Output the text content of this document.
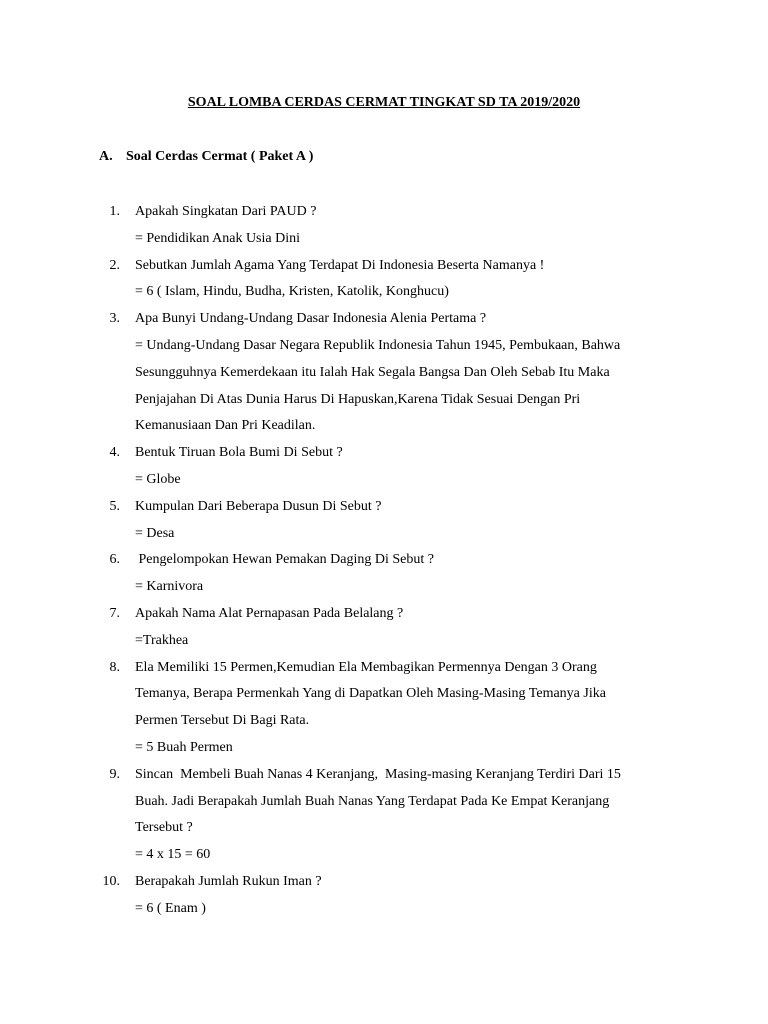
SOAL LOMBA CERDAS CERMAT TINGKAT SD TA 2019/2020
A. Soal Cerdas Cermat ( Paket A )
1. Apakah Singkatan Dari PAUD ?
= Pendidikan Anak Usia Dini
2. Sebutkan Jumlah Agama Yang Terdapat Di Indonesia Beserta Namanya !
= 6 ( Islam, Hindu, Budha, Kristen, Katolik, Konghucu)
3. Apa Bunyi Undang-Undang Dasar Indonesia Alenia Pertama ?
= Undang-Undang Dasar Negara Republik Indonesia Tahun 1945, Pembukaan, Bahwa
Sesungguhnya Kemerdekaan itu Ialah Hak Segala Bangsa Dan Oleh Sebab Itu Maka
Penjajahan Di Atas Dunia Harus Di Hapuskan,Karena Tidak Sesuai Dengan Pri
Kemanusiaan Dan Pri Keadilan.
4. Bentuk Tiruan Bola Bumi Di Sebut ?
= Globe
5. Kumpulan Dari Beberapa Dusun Di Sebut ?
= Desa
6. Pengelompokan Hewan Pemakan Daging Di Sebut ?
= Karnivora
7. Apakah Nama Alat Pernapasan Pada Belalang ?
=Trakhea
8. Ela Memiliki 15 Permen,Kemudian Ela Membagikan Permennya Dengan 3 Orang
Temanya, Berapa Permenkah Yang di Dapatkan Oleh Masing-Masing Temanya Jika
Permen Tersebut Di Bagi Rata.
= 5 Buah Permen
9. Sincan  Membeli Buah Nanas 4 Keranjang,  Masing-masing Keranjang Terdiri Dari 15
Buah. Jadi Berapakah Jumlah Buah Nanas Yang Terdapat Pada Ke Empat Keranjang
Tersebut ?
= 4 x 15 = 60
10. Berapakah Jumlah Rukun Iman ?
= 6 ( Enam )
